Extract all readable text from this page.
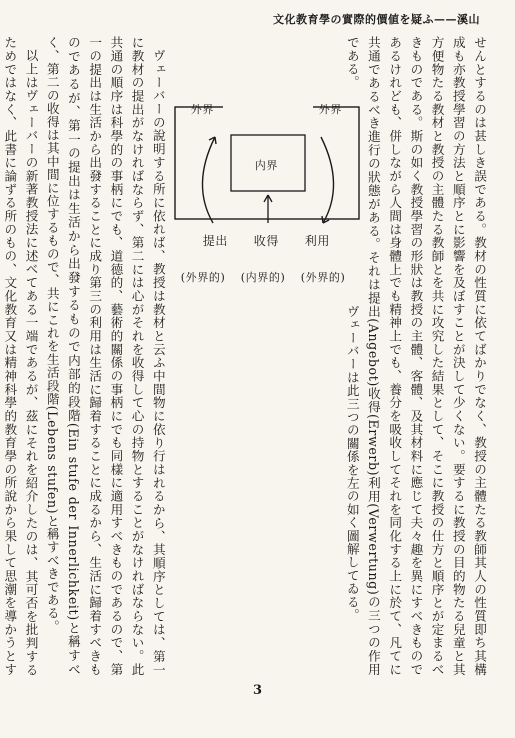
文化教育學の實際的價値を疑ふ——溪山

せんとするのは甚しき誤である。教材の性質に依てばかりでなく、教授の主體たる教師其人の性質即ち其構成も亦教授學習の方法と順序とに影響を及ぼすことが決して少くない。要するに教授の目的物たる兒童と其方便物たる教材と教授の主體たる教師とを共に攻究した結果として、そこに教授の仕方と順序とが定まるべきものである。斯の如く教授學習の形狀は教授の主體、客體、及其材料に應じて夫々趣を異にすべきものであるけれども、併しながら人間は身體上でも精神上でも、養分を吸收してそれを同化する上に於て、凡てに共通であるべき進行の狀態がある。それは提出(Angebot)收得(Erwerb)利用(Verwertung)の三つの作用である。
外界	外界
内界
提出 收得 利用
(外界的) (内界的) (外界的)
ヴェーバーは此三つの關係を左の如く圖解してゐる。

ヴェーバーの說明する所に依れば、教授は教材と云ふ中間物に依り行はれるから、其順序としては、第一に教材の提出がなければならず、第二には心がそれを收得して心の持物とすることがなければならない。此共通の順序は科學的の事柄にでも、道德的、藝術的關係の事柄にでも同樣に適用すべきものであるので、第一の提出は生活から出發することに成り第三の利用は生活に歸着することに成るから、生活に歸着すべきものであるが、第一の提出は生活から出發するもので内部的段階(Ein stufe der Innerlichkeit)と稱すべく、第二の收得は其中間に位するもので、共にこれを生活段階(Lebens stufen)と稱すべきである。

以上はヴェーバーの新著教授法に述べてある一端であるが、茲にそれを紹介したのは、其可否を批判するためではなく、此書に論ずる所のもの、文化教育又は精神科學的教育學の所說から果して思潮を導かうとす

3
